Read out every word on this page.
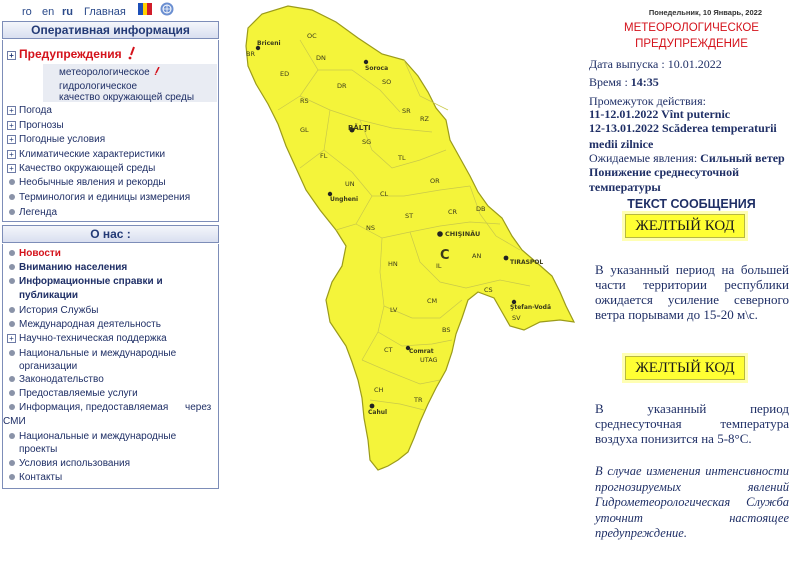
ro en ru Главная
Оперативная информация
+ Предупреждения
метеорологическое
гидрологическое
качество окружающей среды
+ Погода
+ Прогнозы
+ Погодные условия
+ Климатические характеристики
+ Качество окружающей среды
Необычные явления и рекорды
Терминология и единицы измерения
Легенда
О нас :
Новости
Вниманию населения
Информационные справки и
публикации
История Службы
Международная деятельность
+ Научно-техническая поддержка
Национальные и международные
организации
Законодательство
Предоставляемые услуги
Информация, предоставляемая через
СМИ
Национальные и международные
проекты
Условия использования
Контакты
OC
BR
Briceni
ED
DN
Soroca
SO
RS
DR
FL
SG
BĂLŢI
GL
SR
RZ
TL
UN
Ungheni
CL
OR
NS
ST	CR	DB
CHIŞINĂU
C	AN
TIRASPOL
HN	IL
CS
Ştefan-Vodă
SV
CM
LV
BS
CT	Comrat
UTAG
CH
TR
Cahul
Понедельник, 10 Январь, 2022
МЕТЕОРОЛОГИЧЕСКОЕ
ПРЕДУПРЕЖДЕНИЕ
Дата выпуска : 10.01.2022
Время : 14:35
Промежуток действия:
11-12.01.2022 Vînt puternic
12-13.01.2022 Scăderea temperaturii
medii zilnice
Ожидаемые явления: Сильный ветер
Понижение среднесуточной
температуры
ТЕКСТ СООБЩЕНИЯ
ЖЕЛТЫЙ КОД
В указанный период на большей части территории республики ожидается усиление северного ветра порывами до 15-20 м\с.
ЖЕЛТЫЙ КОД
В указанный период среднесуточная температура воздуха понизится на 5-8°С.
В случае изменения интенсивности прогнозируемых явлений Гидрометеорологическая Служба уточнит настоящее предупреждение.
